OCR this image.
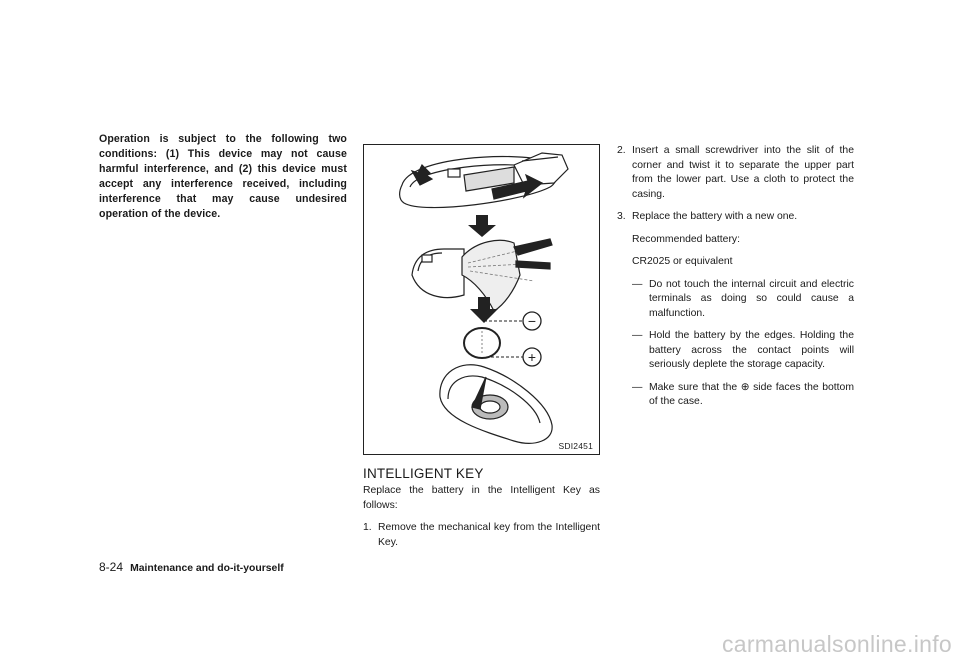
Operation is subject to the following two conditions: (1) This device may not cause harmful interference, and (2) this device must accept any interference received, including interference that may cause undesired operation of the device.

−
+
SDI2451
INTELLIGENT KEY

Replace the battery in the Intelligent Key as follows:

1. Remove the mechanical key from the Intelligent Key.
2. Insert a small screwdriver into the slit of the corner and twist it to separate the upper part from the lower part. Use a cloth to protect the casing.
3. Replace the battery with a new one.
Recommended battery:
CR2025 or equivalent
— Do not touch the internal circuit and electric terminals as doing so could cause a malfunction.
— Hold the battery by the edges. Holding the battery across the contact points will seriously deplete the storage capacity.
— Make sure that the ⊕ side faces the bottom of the case.
8-24 Maintenance and do-it-yourself
carmanualsonline.info
